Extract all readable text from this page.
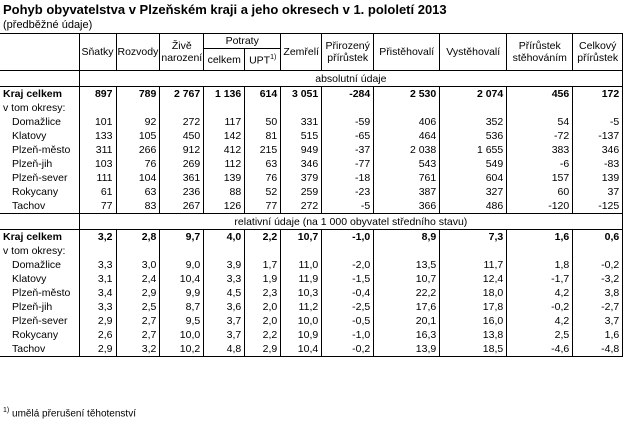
Pohyb obyvatelstva v Plzeňském kraji a jeho okresech v 1. pololetí 2013
(předběžné údaje)
	Sňatky	Rozvody	Živě narození	Potraty		Zemřelí	Přirozený přírůstek	Přistěhovalí	Vystěhovalí	Přírůstek stěhováním	Celkový přírůstek
				celkem	UPT$^{1)}$
	absolutní údaje										
Kraj celkem	897	789	2 767	1 136	614	3 051	-284	2 530	2 074	456	172
v tom okresy:											
Domažlice	101	92	272	117	50	331	-59	406	352	54	-5
Klatovy	133	105	450	142	81	515	-65	464	536	-72	-137
Plzeň-město	311	266	912	412	215	949	-37	2 038	1 655	383	346
Plzeň-jih	103	76	269	112	63	346	-77	543	549	-6	-83
Plzeň-sever	111	104	361	139	76	379	-18	761	604	157	139
Rokycany	61	63	236	88	52	259	-23	387	327	60	37
Tachov	77	83	267	126	77	272	-5	366	486	-120	-125
	relativní údaje (na 1 000 obyvatel středního stavu)										
Kraj celkem	3,2	2,8	9,7	4,0	2,2	10,7	-1,0	8,9	7,3	1,6	0,6
v tom okresy:											
Domažlice	3,3	3,0	9,0	3,9	1,7	11,0	-2,0	13,5	11,7	1,8	-0,2
Klatovy	3,1	2,4	10,4	3,3	1,9	11,9	-1,5	10,7	12,4	-1,7	-3,2
Plzeň-město	3,4	2,9	9,9	4,5	2,3	10,3	-0,4	22,2	18,0	4,2	3,8
Plzeň-jih	3,3	2,5	8,7	3,6	2,0	11,2	-2,5	17,6	17,8	-0,2	-2,7
Plzeň-sever	2,9	2,7	9,5	3,7	2,0	10,0	-0,5	20,1	16,0	4,2	3,7
Rokycany	2,6	2,7	10,0	3,7	2,2	10,9	-1,0	16,3	13,8	2,5	1,6
Tachov	2,9	3,2	10,2	4,8	2,9	10,4	-0,2	13,9	18,5	-4,6	-4,8
$^{1)}$ umělá přerušení těhotenství
